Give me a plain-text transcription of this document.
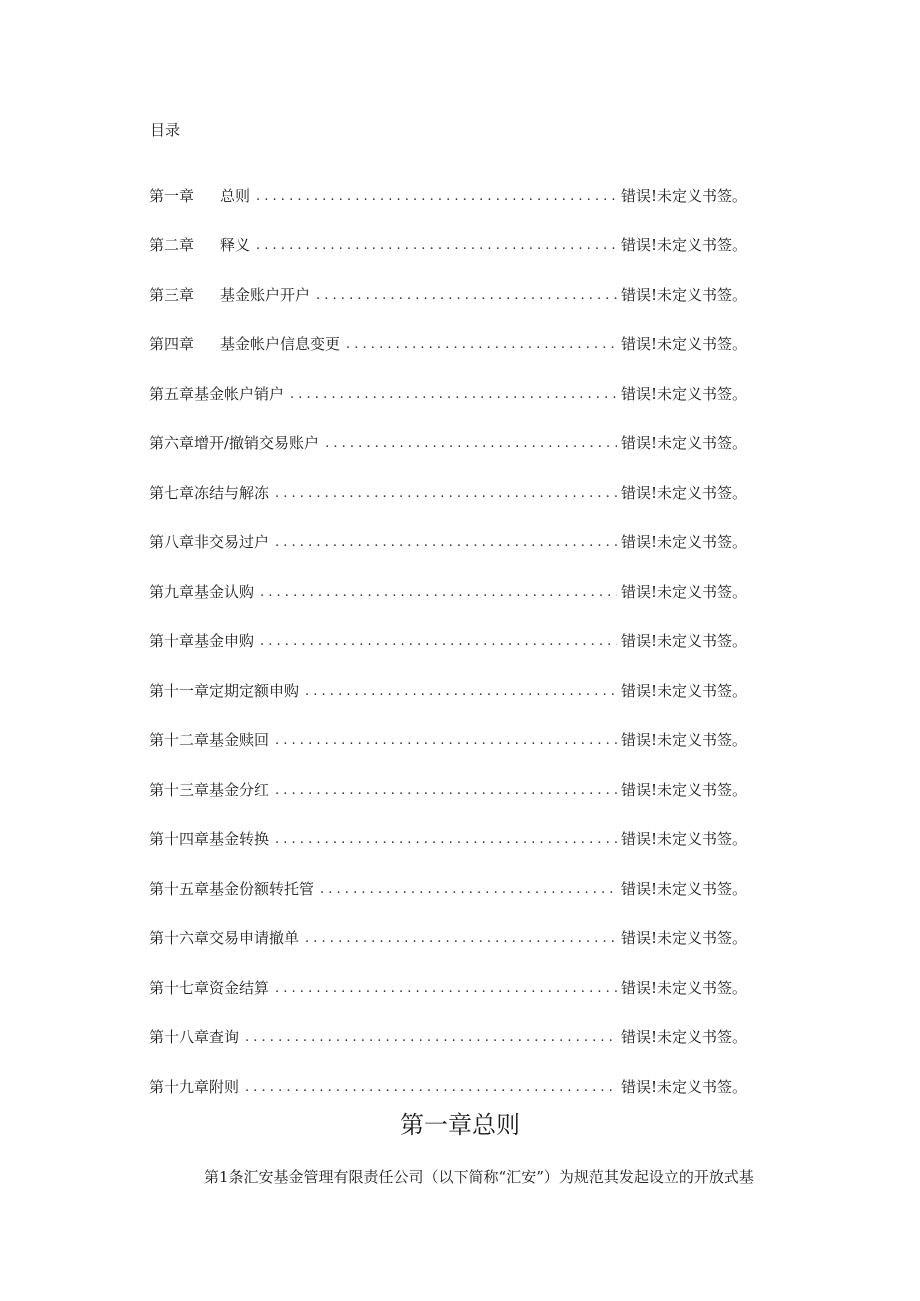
目录
第一章	总则 . . .	错误!未定义书签。
第二章	释义 . . .	错误!未定义书签。
第三章	基金账户开户 . . .	错误!未定义书签。
第四章	基金帐户信息变更 . . .	错误!未定义书签。
第五章基金帐户销户 . . .	错误!未定义书签。
第六章增开/撤销交易账户 . . .	错误!未定义书签。
第七章冻结与解冻 . . .	错误!未定义书签。
第八章非交易过户 . . .	错误!未定义书签。
第九章基金认购 . . .	错误!未定义书签。
第十章基金申购 . . .	错误!未定义书签。
第十一章定期定额申购 . . .	错误!未定义书签。
第十二章基金赎回 . . .	错误!未定义书签。
第十三章基金分红 . . .	错误!未定义书签。
第十四章基金转换 . . .	错误!未定义书签。
第十五章基金份额转托管 . . .	错误!未定义书签。
第十六章交易申请撤单 . . .	错误!未定义书签。
第十七章资金结算 . . .	错误!未定义书签。
第十八章查询 . . .	错误!未定义书签。
第十九章附则 . . .	错误!未定义书签。
第一章总则
第1条汇安基金管理有限责任公司（以下简称“汇安”）为规范其发起设立的开放式基
